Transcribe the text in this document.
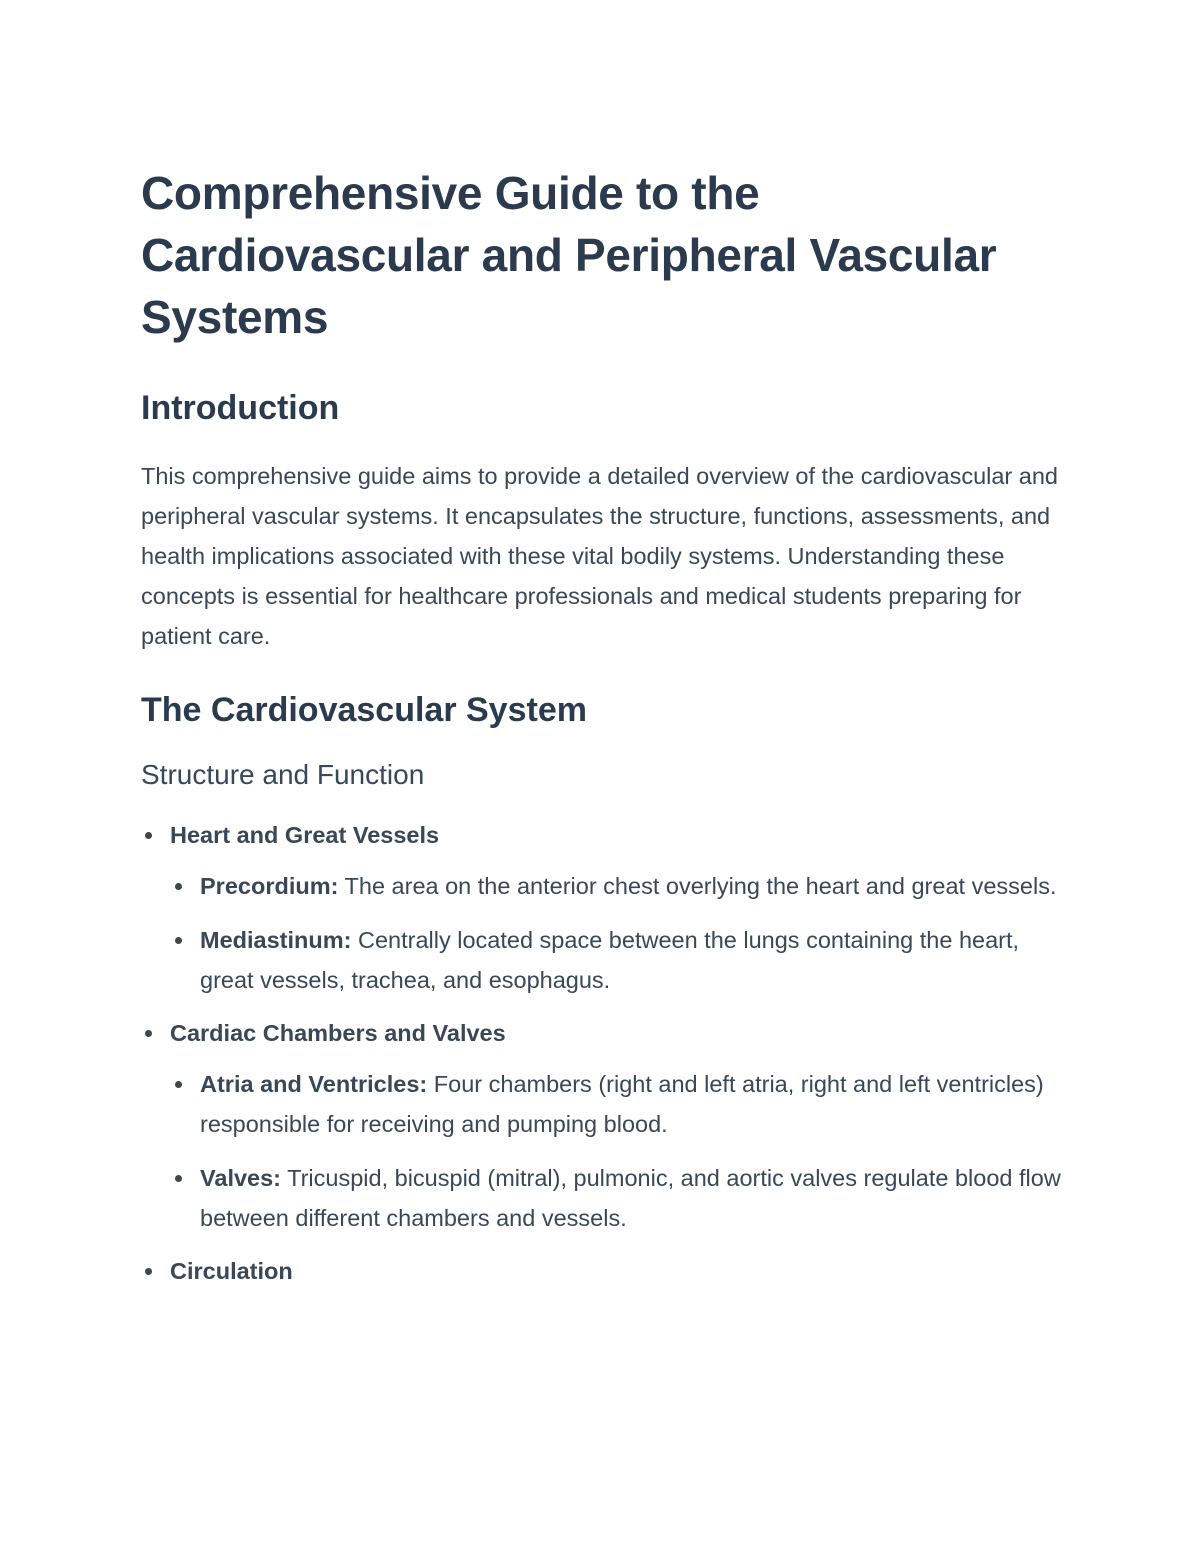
Comprehensive Guide to the Cardiovascular and Peripheral Vascular Systems
Introduction

This comprehensive guide aims to provide a detailed overview of the cardiovascular and peripheral vascular systems. It encapsulates the structure, functions, assessments, and health implications associated with these vital bodily systems. Understanding these concepts is essential for healthcare professionals and medical students preparing for patient care.

The Cardiovascular System
Structure and Function
Heart and Great Vessels
Precordium: The area on the anterior chest overlying the heart and great vessels.
Mediastinum: Centrally located space between the lungs containing the heart, great vessels, trachea, and esophagus.
Cardiac Chambers and Valves
Atria and Ventricles: Four chambers (right and left atria, right and left ventricles) responsible for receiving and pumping blood.
Valves: Tricuspid, bicuspid (mitral), pulmonic, and aortic valves regulate blood flow between different chambers and vessels.
Circulation
